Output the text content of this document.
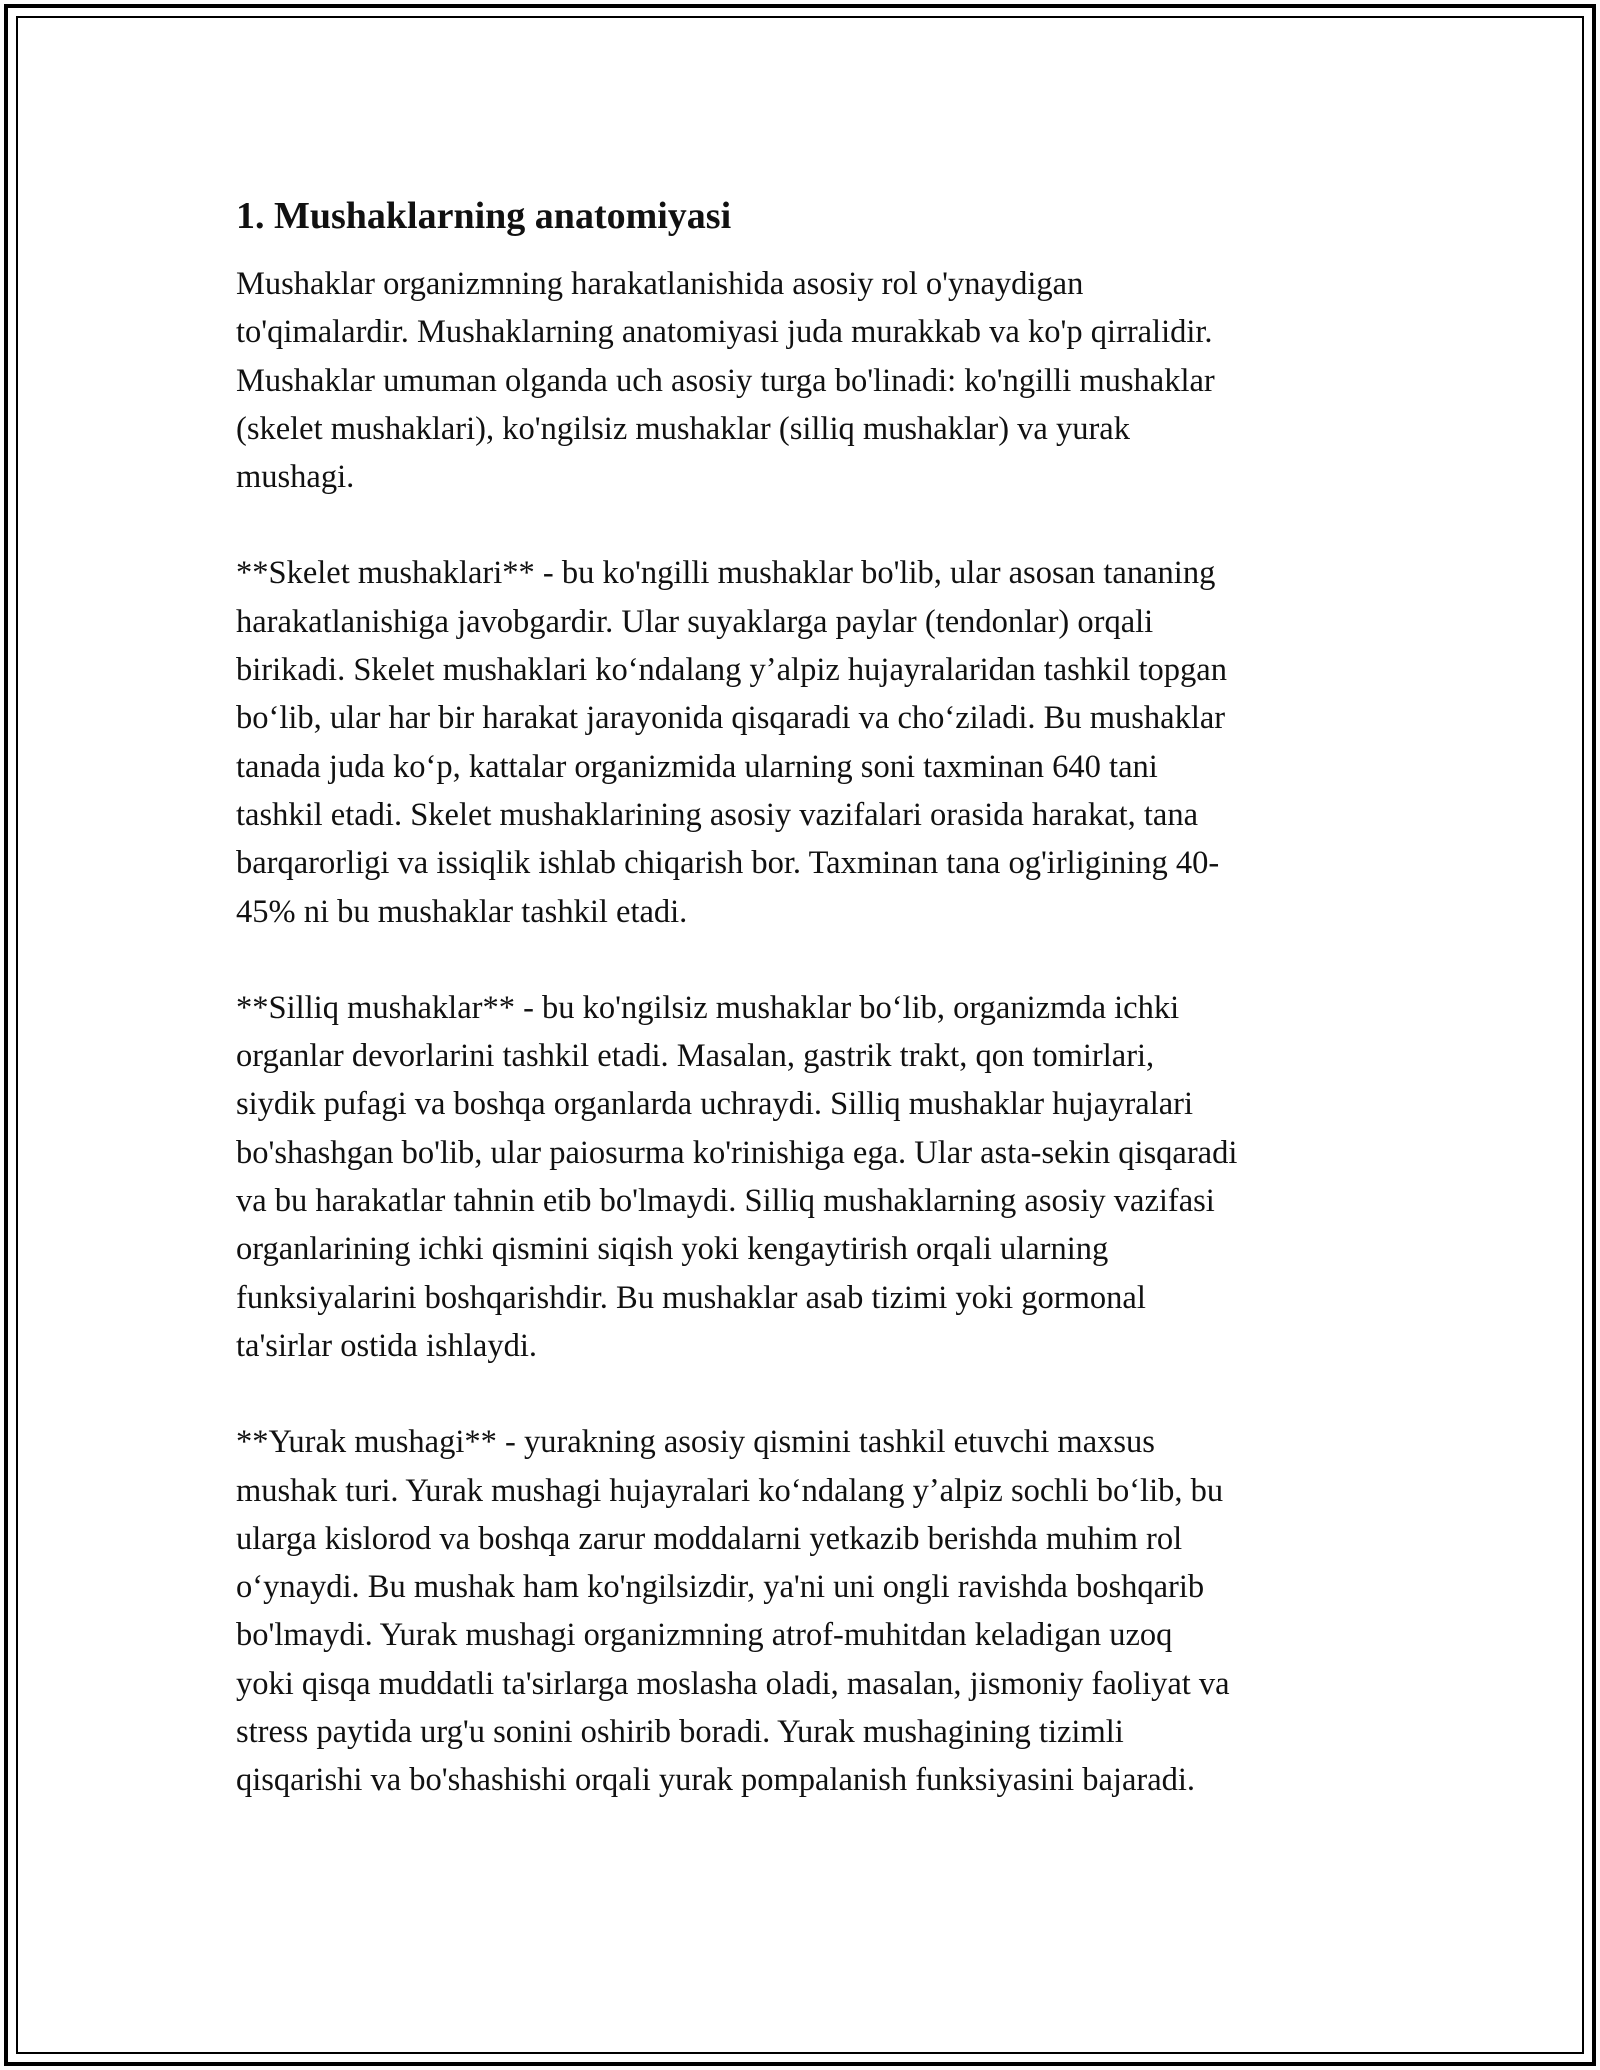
1. Mushaklarning anatomiyasi

Mushaklar organizmning harakatlanishida asosiy rol o'ynaydigan
to'qimalardir. Mushaklarning anatomiyasi juda murakkab va ko'p qirralidir.
Mushaklar umuman olganda uch asosiy turga bo'linadi: ko'ngilli mushaklar
(skelet mushaklari), ko'ngilsiz mushaklar (silliq mushaklar) va yurak
mushagi.

**Skelet mushaklari** - bu ko'ngilli mushaklar bo'lib, ular asosan tananing
harakatlanishiga javobgardir. Ular suyaklarga paylar (tendonlar) orqali
birikadi. Skelet mushaklari koʻndalang yʼalpiz hujayralaridan tashkil topgan
boʻlib, ular har bir harakat jarayonida qisqaradi va choʻziladi. Bu mushaklar
tanada juda koʻp, kattalar organizmida ularning soni taxminan 640 tani
tashkil etadi. Skelet mushaklarining asosiy vazifalari orasida harakat, tana
barqarorligi va issiqlik ishlab chiqarish bor. Taxminan tana og'irligining 40-
45% ni bu mushaklar tashkil etadi.

**Silliq mushaklar** - bu ko'ngilsiz mushaklar boʻlib, organizmda ichki
organlar devorlarini tashkil etadi. Masalan, gastrik trakt, qon tomirlari,
siydik pufagi va boshqa organlarda uchraydi. Silliq mushaklar hujayralari
bo'shashgan bo'lib, ular paiosurma ko'rinishiga ega. Ular asta-sekin qisqaradi
va bu harakatlar tahnin etib bo'lmaydi. Silliq mushaklarning asosiy vazifasi
organlarining ichki qismini siqish yoki kengaytirish orqali ularning
funksiyalarini boshqarishdir. Bu mushaklar asab tizimi yoki gormonal
ta'sirlar ostida ishlaydi.

**Yurak mushagi** - yurakning asosiy qismini tashkil etuvchi maxsus
mushak turi. Yurak mushagi hujayralari koʻndalang yʼalpiz sochli boʻlib, bu
ularga kislorod va boshqa zarur moddalarni yetkazib berishda muhim rol
oʻynaydi. Bu mushak ham ko'ngilsizdir, ya'ni uni ongli ravishda boshqarib
bo'lmaydi. Yurak mushagi organizmning atrof-muhitdan keladigan uzoq
yoki qisqa muddatli ta'sirlarga moslasha oladi, masalan, jismoniy faoliyat va
stress paytida urg'u sonini oshirib boradi. Yurak mushagining tizimli
qisqarishi va bo'shashishi orqali yurak pompalanish funksiyasini bajaradi.
